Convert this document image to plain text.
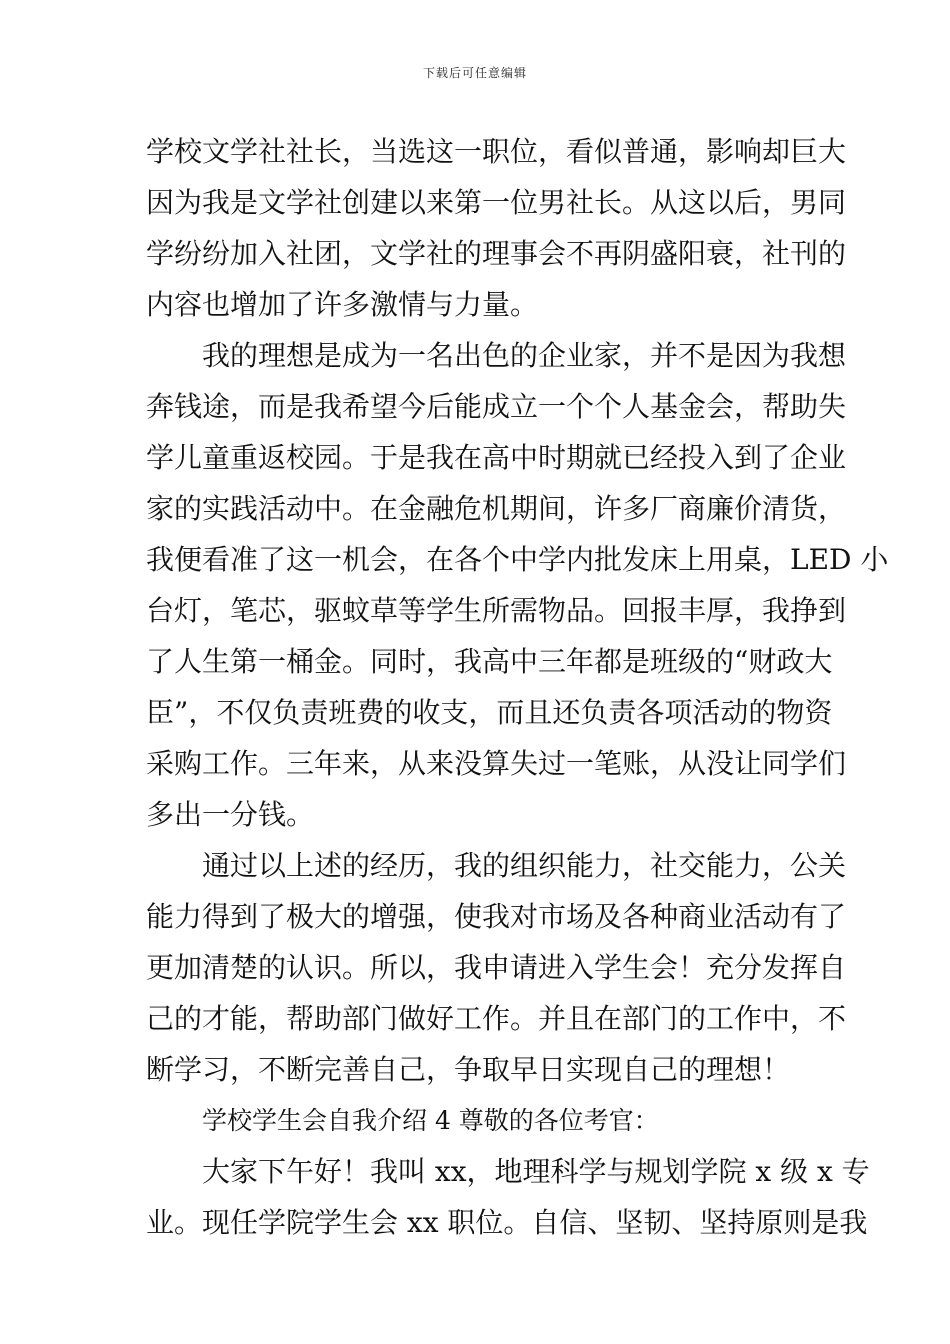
下载后可任意编辑
学校文学社社长，当选这一职位，看似普通，影响却巨大
因为我是文学社创建以来第一位男社长。从这以后，男同
学纷纷加入社团，文学社的理事会不再阴盛阳衰，社刊的
内容也增加了许多激情与力量。
我的理想是成为一名出色的企业家，并不是因为我想
奔钱途，而是我希望今后能成立一个个人基金会，帮助失
学儿童重返校园。于是我在高中时期就已经投入到了企业
家的实践活动中。在金融危机期间，许多厂商廉价清货，
我便看准了这一机会，在各个中学内批发床上用桌，LED 小
台灯，笔芯，驱蚊草等学生所需物品。回报丰厚，我挣到
了人生第一桶金。同时，我高中三年都是班级的“财政大
臣”，不仅负责班费的收支，而且还负责各项活动的物资
采购工作。三年来，从来没算失过一笔账，从没让同学们
多出一分钱。
通过以上述的经历，我的组织能力，社交能力，公关
能力得到了极大的增强，使我对市场及各种商业活动有了
更加清楚的认识。所以，我申请进入学生会！充分发挥自
己的才能，帮助部门做好工作。并且在部门的工作中，不
断学习，不断完善自己，争取早日实现自己的理想！
学校学生会自我介绍 4 尊敬的各位考官：
大家下午好！我叫 xx，地理科学与规划学院 x 级 x 专
业。现任学院学生会 xx 职位。自信、坚韧、坚持原则是我
